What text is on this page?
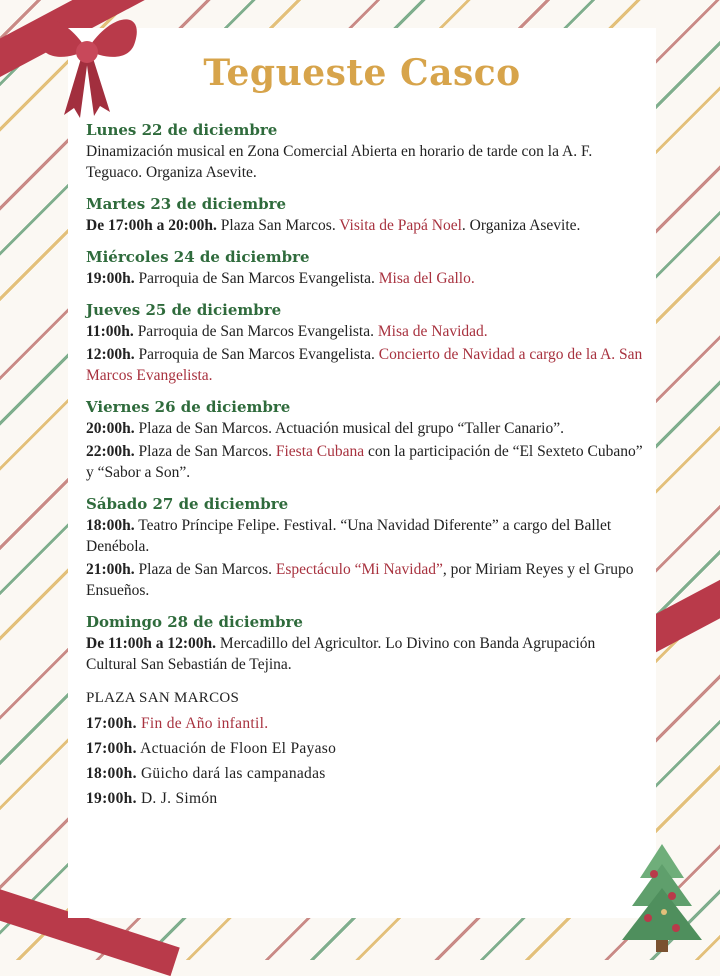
Tegueste Casco
Lunes 22 de diciembre

Dinamización musical en Zona Comercial Abierta en horario de tarde con la A. F. Teguaco. Organiza Asevite.

Martes 23 de diciembre

De 17:00h a 20:00h. Plaza San Marcos. Visita de Papá Noel. Organiza Asevite.

Miércoles 24 de diciembre

19:00h. Parroquia de San Marcos Evangelista. Misa del Gallo.

Jueves 25 de diciembre

11:00h. Parroquia de San Marcos Evangelista. Misa de Navidad.

12:00h. Parroquia de San Marcos Evangelista. Concierto de Navidad a cargo de la A. San Marcos Evangelista.

Viernes 26 de diciembre

20:00h. Plaza de San Marcos. Actuación musical del grupo “Taller Canario”.

22:00h. Plaza de San Marcos. Fiesta Cubana con la participación de “El Sexteto Cubano” y “Sabor a Son”.

Sábado 27 de diciembre

18:00h. Teatro Príncipe Felipe. Festival. “Una Navidad Diferente” a cargo del Ballet Denébola.

21:00h. Plaza de San Marcos. Espectáculo “Mi Navidad”, por Miriam Reyes y el Grupo Ensueños.

Domingo 28 de diciembre

De 11:00h a 12:00h. Mercadillo del Agricultor. Lo Divino con Banda Agrupación Cultural San Sebastián de Tejina.

PLAZA SAN MARCOS

17:00h. Fin de Año infantil.

17:00h. Actuación de Floon El Payaso

18:00h. Güicho dará las campanadas

19:00h. D. J. Simón
